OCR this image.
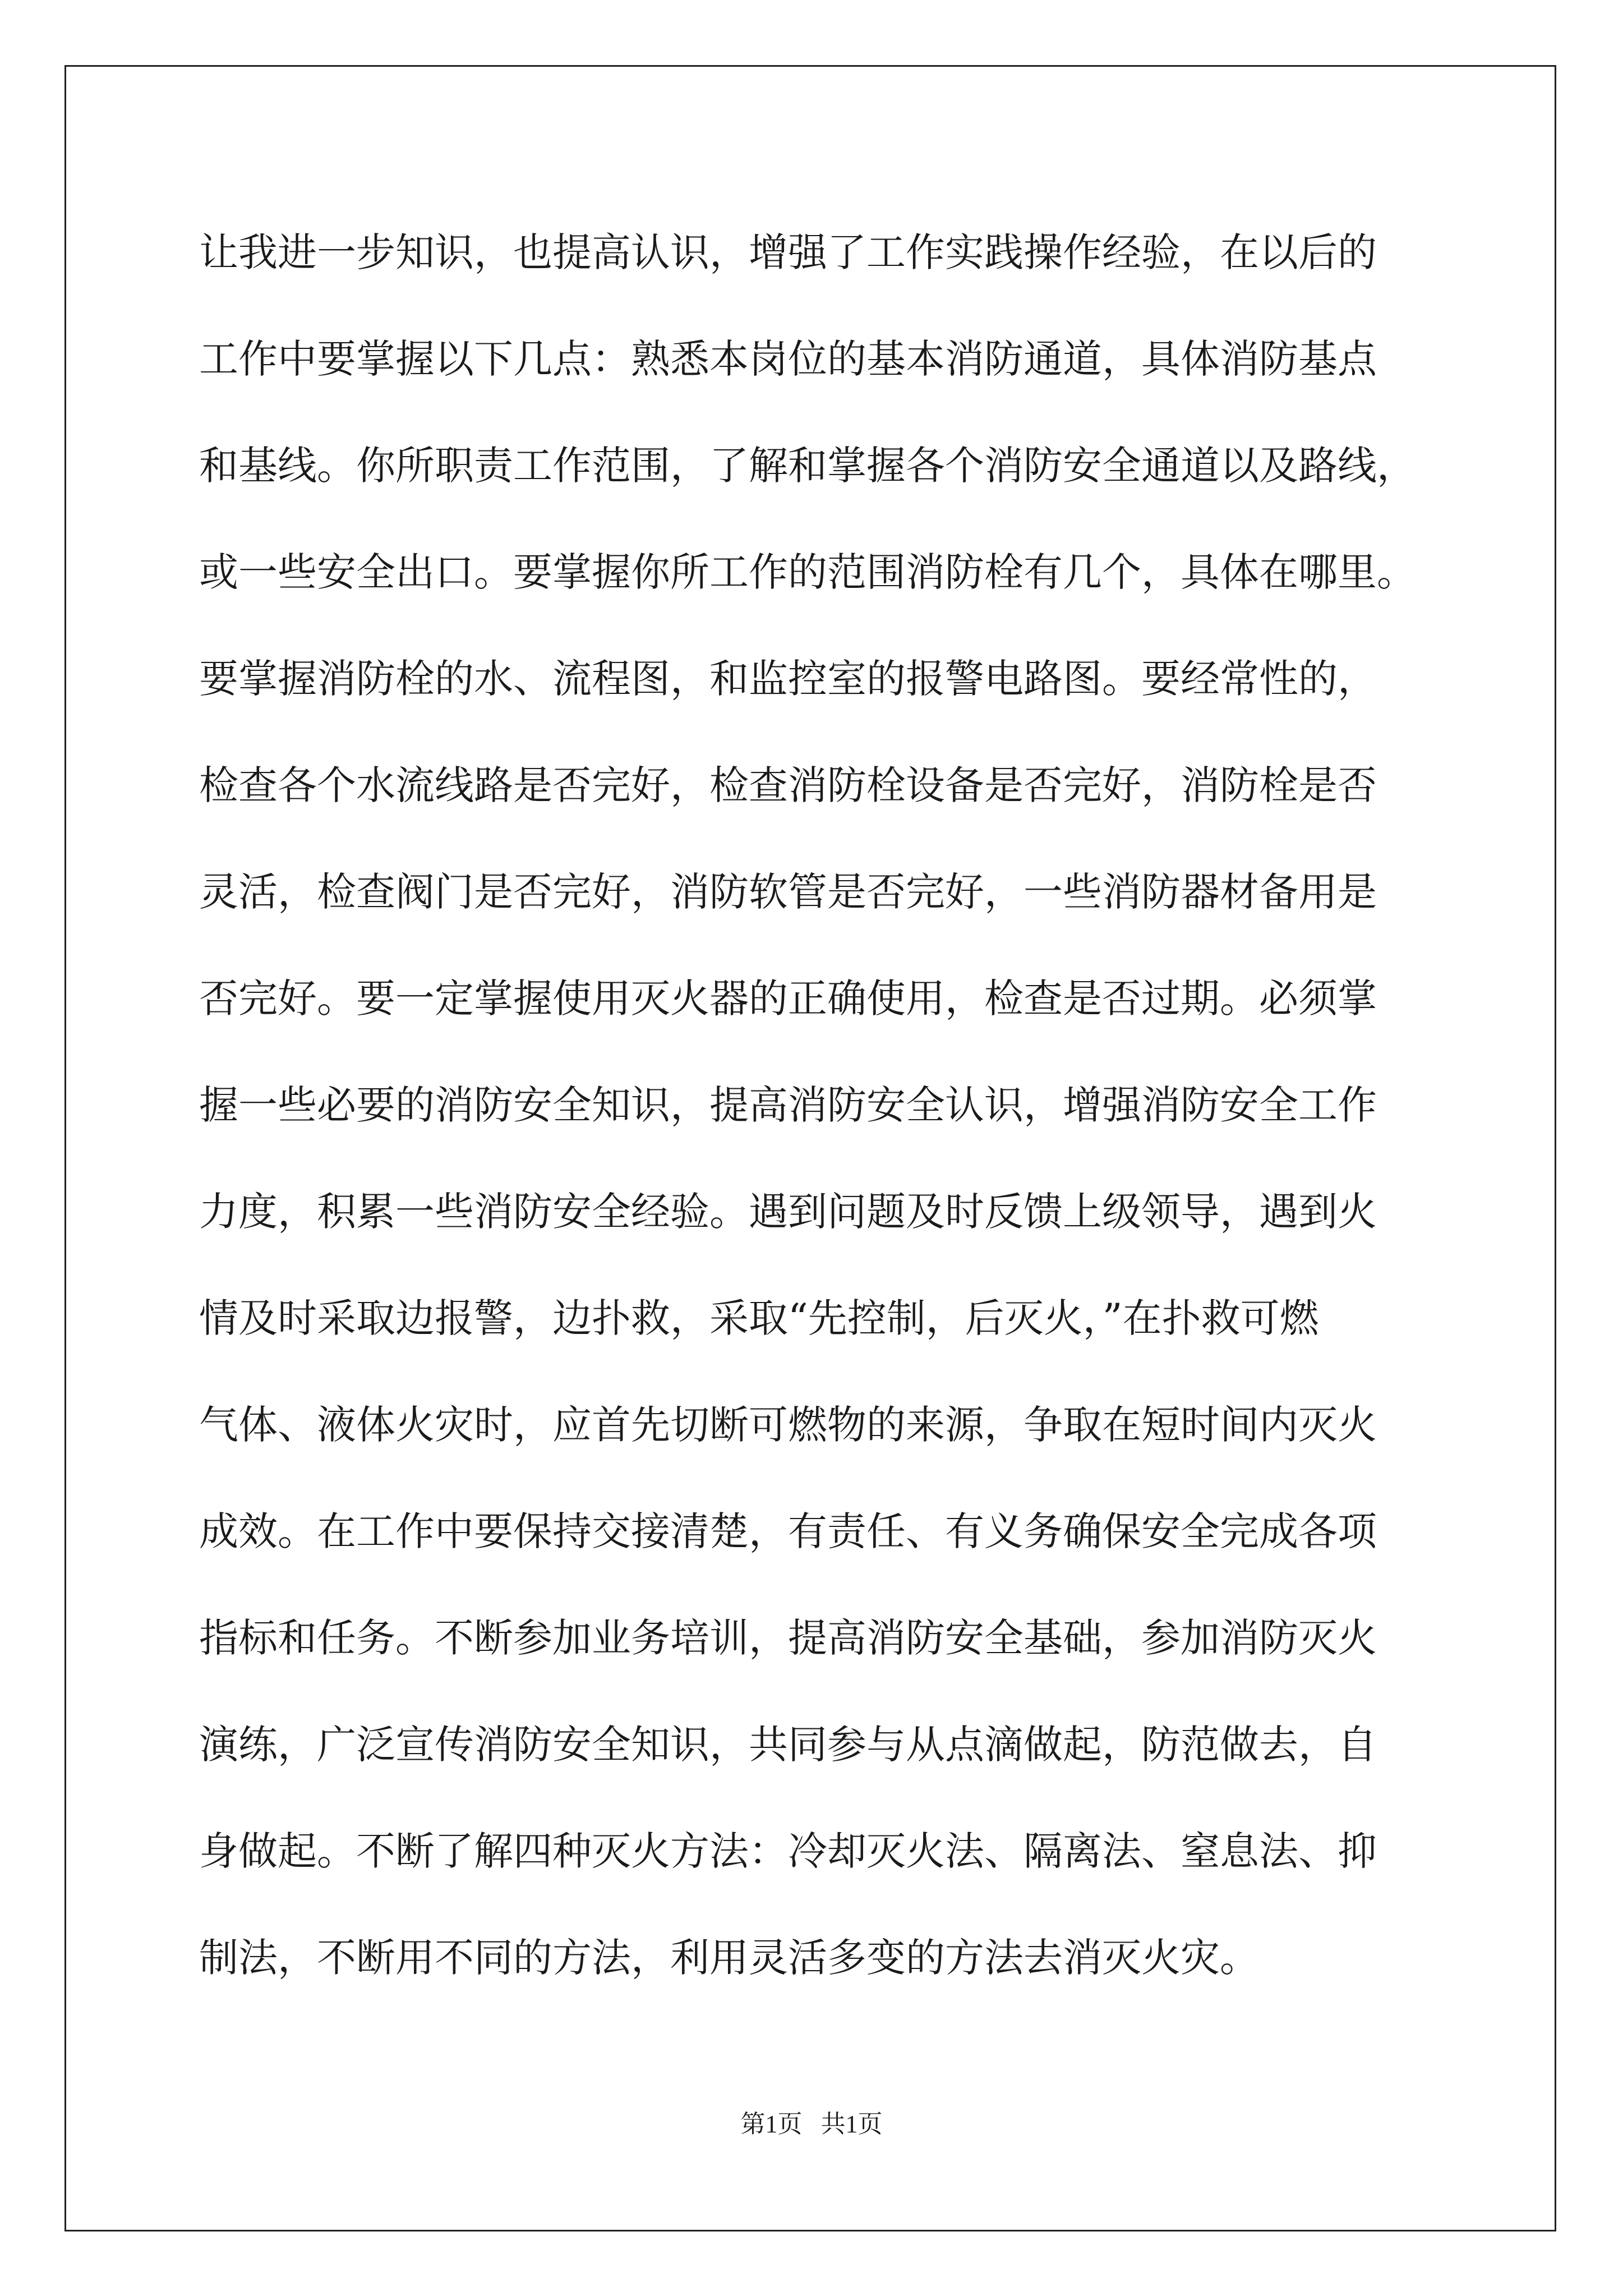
让我进一步知识，也提高认识，增强了工作实践操作经验，在以后的
工作中要掌握以下几点：熟悉本岗位的基本消防通道，具体消防基点
和基线。你所职责工作范围，了解和掌握各个消防安全通道以及路线，
或一些安全出口。要掌握你所工作的范围消防栓有几个，具体在哪里。
要掌握消防栓的水、流程图，和监控室的报警电路图。要经常性的，
检查各个水流线路是否完好，检查消防栓设备是否完好，消防栓是否
灵活，检查阀门是否完好，消防软管是否完好，一些消防器材备用是
否完好。要一定掌握使用灭火器的正确使用，检查是否过期。必须掌
握一些必要的消防安全知识，提高消防安全认识，增强消防安全工作
力度，积累一些消防安全经验。遇到问题及时反馈上级领导，遇到火
情及时采取边报警，边扑救，采取“先控制，后灭火，”在扑救可燃
气体、液体火灾时，应首先切断可燃物的来源，争取在短时间内灭火
成效。在工作中要保持交接清楚，有责任、有义务确保安全完成各项
指标和任务。不断参加业务培训，提高消防安全基础，参加消防灭火
演练，广泛宣传消防安全知识，共同参与从点滴做起，防范做去，自
身做起。不断了解四种灭火方法：冷却灭火法、隔离法、窒息法、抑
制法，不断用不同的方法，利用灵活多变的方法去消灭火灾。
第1页   共1页
